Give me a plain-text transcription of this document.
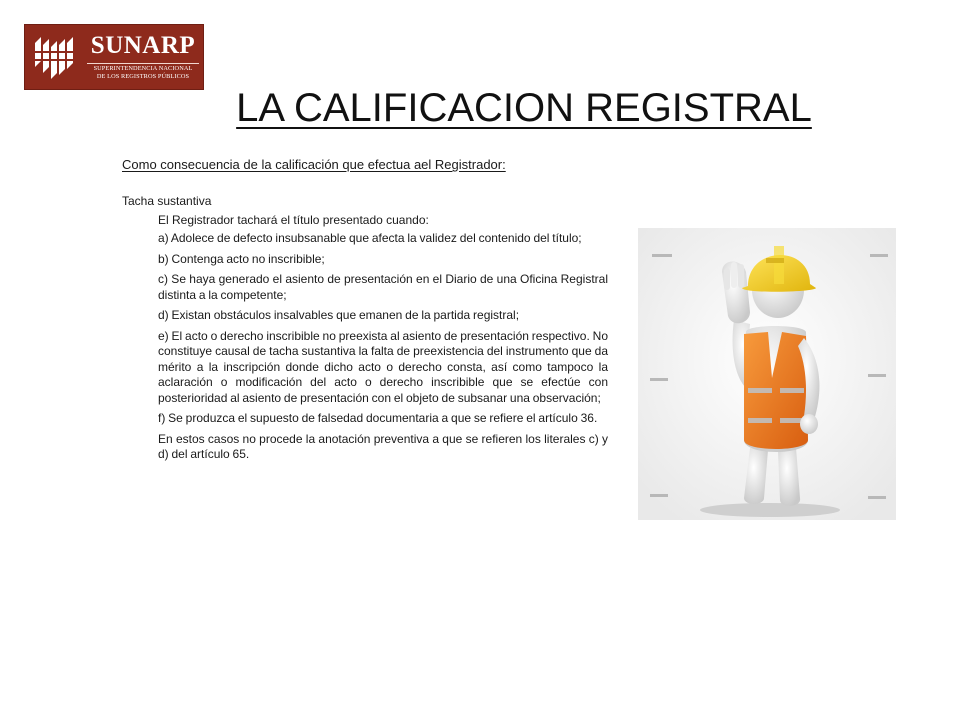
SUNARP
SUPERINTENDENCIA NACIONAL
DE LOS REGISTROS PÚBLICOS
LA CALIFICACION REGISTRAL
Como consecuencia de la calificación que efectua ael Registrador:
Tacha sustantiva
El Registrador tachará el título presentado cuando:
a) Adolece de defecto insubsanable que afecta la validez del contenido del título;
b) Contenga acto no inscribible;
c) Se haya generado el asiento de presentación en el Diario de una Oficina Registral distinta a la competente;
d) Existan obstáculos insalvables que emanen de la partida registral;
e) El acto o derecho inscribible no preexista al asiento de presentación respectivo. No constituye causal de tacha sustantiva la falta de preexistencia del instrumento que da mérito a la inscripción donde dicho acto o derecho consta, así como tampoco la aclaración o modificación del acto o derecho inscribible que se efectúe con posterioridad al asiento de presentación con el objeto de subsanar una observación;
f) Se produzca el supuesto de falsedad documentaria a que se refiere el artículo 36.
En estos casos no procede la anotación preventiva a que se refieren los literales c) y d) del artículo 65.
